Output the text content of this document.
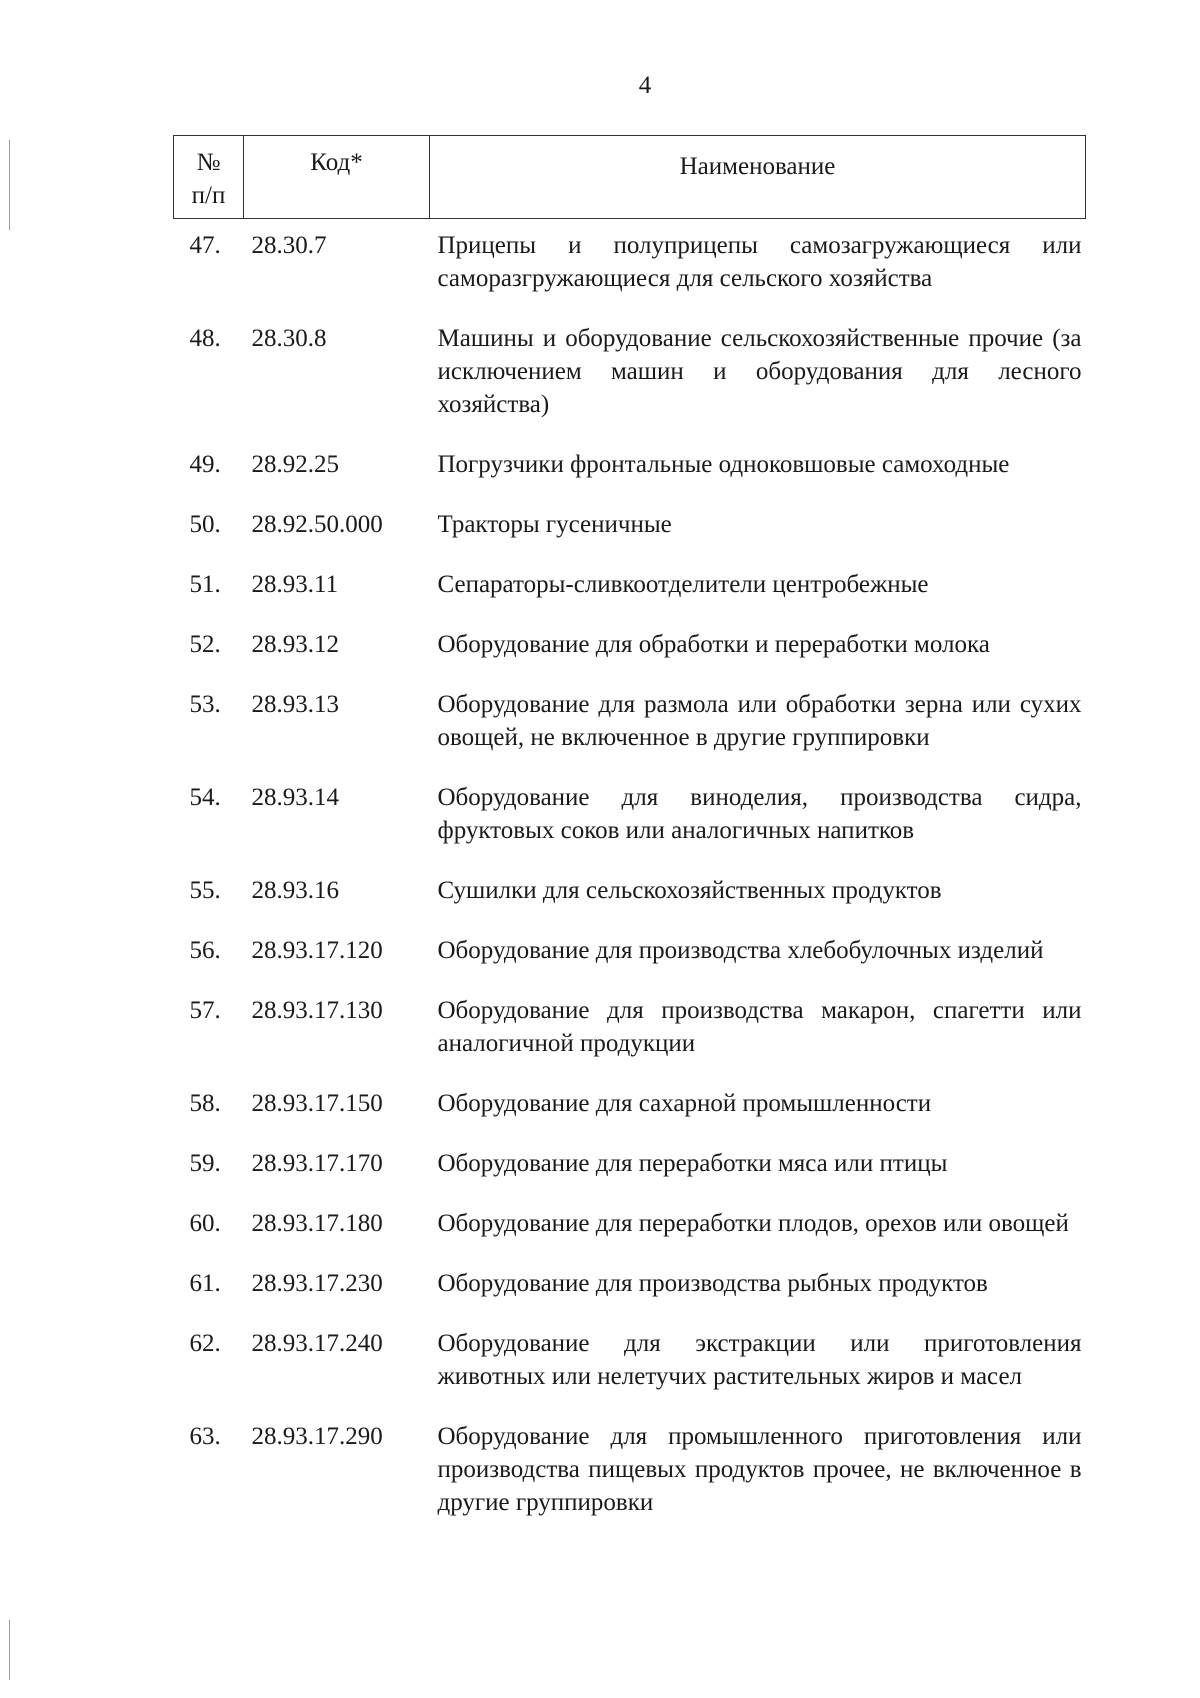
4
№ п/п	Код*	Наименование
47.	28.30.7	Прицепы и полуприцепы самозагружающиеся или саморазгружающиеся для сельского хозяйства
48.	28.30.8	Машины и оборудование сельскохозяйственные прочие (за исключением машин и оборудования для лесного хозяйства)
49.	28.92.25	Погрузчики фронтальные одноковшовые самоходные
50.	28.92.50.000	Тракторы гусеничные
51.	28.93.11	Сепараторы-сливкоотделители центробежные
52.	28.93.12	Оборудование для обработки и переработки молока
53.	28.93.13	Оборудование для размола или обработки зерна или сухих овощей, не включенное в другие группировки
54.	28.93.14	Оборудование для виноделия, производства сидра, фруктовых соков или аналогичных напитков
55.	28.93.16	Сушилки для сельскохозяйственных продуктов
56.	28.93.17.120	Оборудование для производства хлебобулочных изделий
57.	28.93.17.130	Оборудование для производства макарон, спагетти или аналогичной продукции
58.	28.93.17.150	Оборудование для сахарной промышленности
59.	28.93.17.170	Оборудование для переработки мяса или птицы
60.	28.93.17.180	Оборудование для переработки плодов, орехов или овощей
61.	28.93.17.230	Оборудование для производства рыбных продуктов
62.	28.93.17.240	Оборудование для экстракции или приготовления животных или нелетучих растительных жиров и масел
63.	28.93.17.290	Оборудование для промышленного приготовления или производства пищевых продуктов прочее, не включенное в другие группировки
